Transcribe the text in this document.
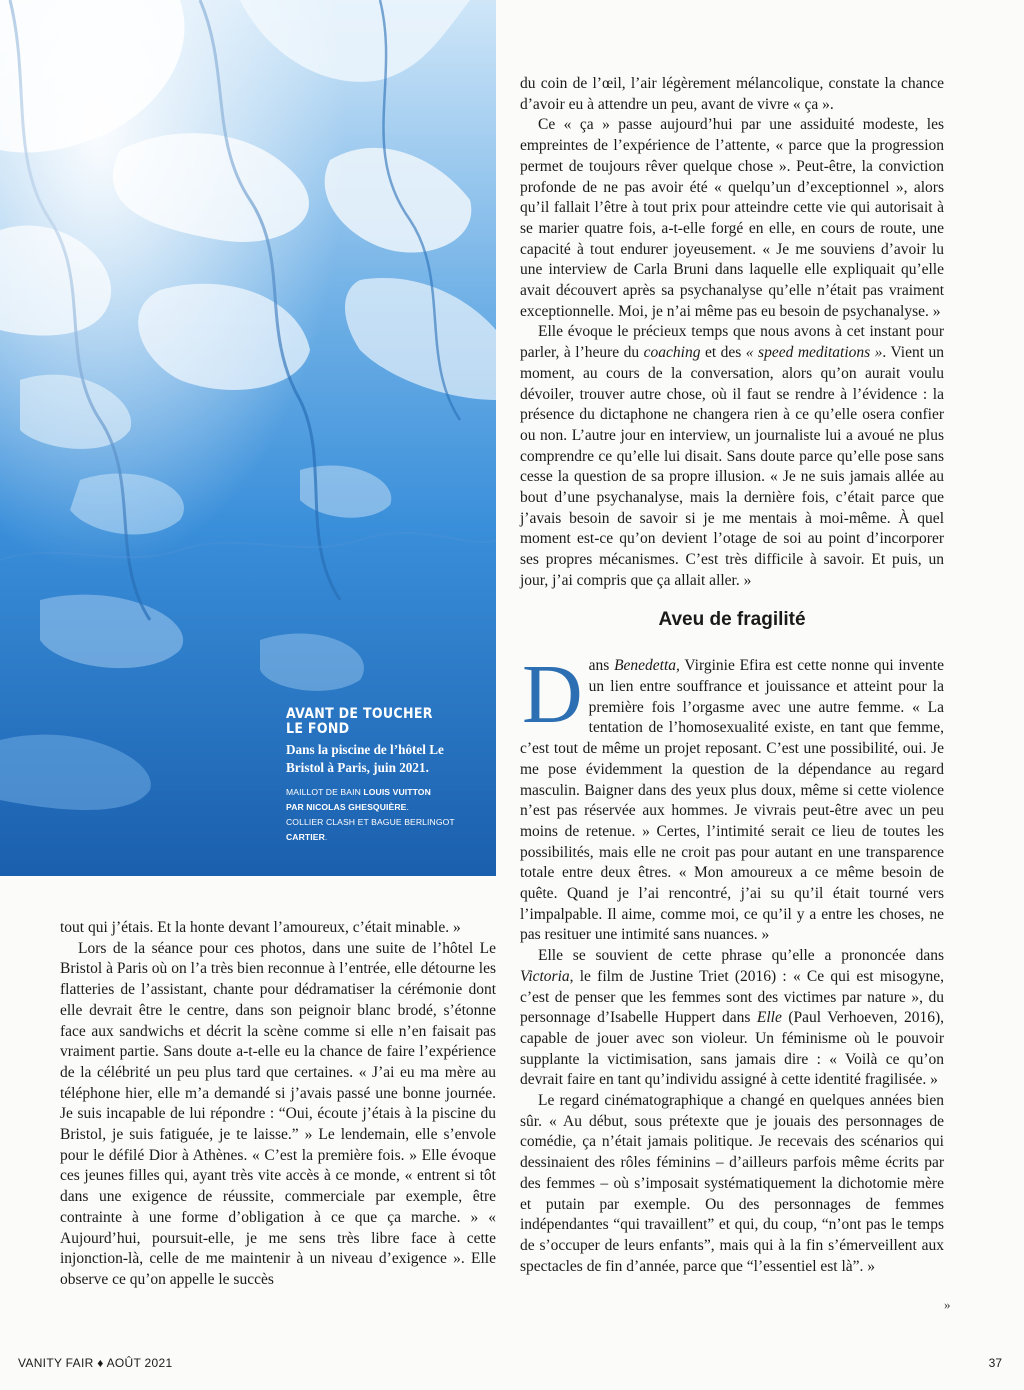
AVANT DE TOUCHER
LE FOND

Dans la piscine de l’hôtel Le Bristol à Paris, juin 2021.

MAILLOT DE BAIN LOUIS VUITTON
PAR NICOLAS GHESQUIÈRE.
COLLIER CLASH ET BAGUE BERLINGOT
CARTIER.

tout qui j’étais. Et la honte devant l’amoureux, c’était minable. »

Lors de la séance pour ces photos, dans une suite de l’hôtel Le Bristol à Paris où on l’a très bien reconnue à l’entrée, elle détourne les flatteries de l’assistant, chante pour dédramatiser la cérémonie dont elle devrait être le centre, dans son peignoir blanc brodé, s’étonne face aux sandwichs et décrit la scène comme si elle n’en faisait pas vraiment partie. Sans doute a-t-elle eu la chance de faire l’expérience de la célébrité un peu plus tard que certaines. « J’ai eu ma mère au téléphone hier, elle m’a demandé si j’avais passé une bonne journée. Je suis incapable de lui répondre : “Oui, écoute j’étais à la piscine du Bristol, je suis fatiguée, je te laisse.” » Le lendemain, elle s’envole pour le défilé Dior à Athènes. « C’est la première fois. » Elle évoque ces jeunes filles qui, ayant très vite accès à ce monde, « entrent si tôt dans une exigence de réussite, commerciale par exemple, être contrainte à une forme d’obligation à ce que ça marche. » « Aujourd’hui, poursuit-elle, je me sens très libre face à cette injonction-là, celle de me maintenir à un niveau d’exigence ». Elle observe ce qu’on appelle le succès

du coin de l’œil, l’air légèrement mélancolique, constate la chance d’avoir eu à attendre un peu, avant de vivre « ça ».

Ce « ça » passe aujourd’hui par une assiduité modeste, les empreintes de l’expérience de l’attente, « parce que la progression permet de toujours rêver quelque chose ». Peut-être, la conviction profonde de ne pas avoir été « quelqu’un d’exceptionnel », alors qu’il fallait l’être à tout prix pour atteindre cette vie qui autorisait à se marier quatre fois, a-t-elle forgé en elle, en cours de route, une capacité à tout endurer joyeusement. « Je me souviens d’avoir lu une interview de Carla Bruni dans laquelle elle expliquait qu’elle avait découvert après sa psychanalyse qu’elle n’était pas vraiment exceptionnelle. Moi, je n’ai même pas eu besoin de psychanalyse. »

Elle évoque le précieux temps que nous avons à cet instant pour parler, à l’heure du coaching et des « speed meditations ». Vient un moment, au cours de la conversation, alors qu’on aurait voulu dévoiler, trouver autre chose, où il faut se rendre à l’évidence : la présence du dictaphone ne changera rien à ce qu’elle osera confier ou non. L’autre jour en interview, un journaliste lui a avoué ne plus comprendre ce qu’elle lui disait. Sans doute parce qu’elle pose sans cesse la question de sa propre illusion. « Je ne suis jamais allée au bout d’une psychanalyse, mais la dernière fois, c’était parce que j’avais besoin de savoir si je me mentais à moi-même. À quel moment est-ce qu’on devient l’otage de soi au point d’incorporer ses propres mécanismes. C’est très difficile à savoir. Et puis, un jour, j’ai compris que ça allait aller. »

Aveu de fragilité

Dans Benedetta, Virginie Efira est cette nonne qui invente un lien entre souffrance et jouissance et atteint pour la première fois l’orgasme avec une autre femme. « La tentation de l’homosexualité existe, en tant que femme, c’est tout de même un projet reposant. C’est une possibilité, oui. Je me pose évidemment la question de la dépendance au regard masculin. Baigner dans des yeux plus doux, même si cette violence n’est pas réservée aux hommes. Je vivrais peut-être avec un peu moins de retenue. » Certes, l’intimité serait ce lieu de toutes les possibilités, mais elle ne croit pas pour autant en une transparence totale entre deux êtres. « Mon amoureux a ce même besoin de quête. Quand je l’ai rencontré, j’ai su qu’il était tourné vers l’impalpable. Il aime, comme moi, ce qu’il y a entre les choses, ne pas resituer une intimité sans nuances. »

Elle se souvient de cette phrase qu’elle a prononcée dans Victoria, le film de Justine Triet (2016) : « Ce qui est misogyne, c’est de penser que les femmes sont des victimes par nature », du personnage d’Isabelle Huppert dans Elle (Paul Verhoeven, 2016), capable de jouer avec son violeur. Un féminisme où le pouvoir supplante la victimisation, sans jamais dire : « Voilà ce qu’on devrait faire en tant qu’individu assigné à cette identité fragilisée. »

Le regard cinématographique a changé en quelques années bien sûr. « Au début, sous prétexte que je jouais des personnages de comédie, ça n’était jamais politique. Je recevais des scénarios qui dessinaient des rôles féminins – d’ailleurs parfois même écrits par des femmes – où s’imposait systématiquement la dichotomie mère et putain par exemple. Ou des personnages de femmes indépendantes “qui travaillent” et qui, du coup, “n’ont pas le temps de s’occuper de leurs enfants”, mais qui à la fin s’émerveillent aux spectacles de fin d’année, parce que “l’essentiel est là”. »

»
VANITY FAIR ♦ AOÛT 2021	37
